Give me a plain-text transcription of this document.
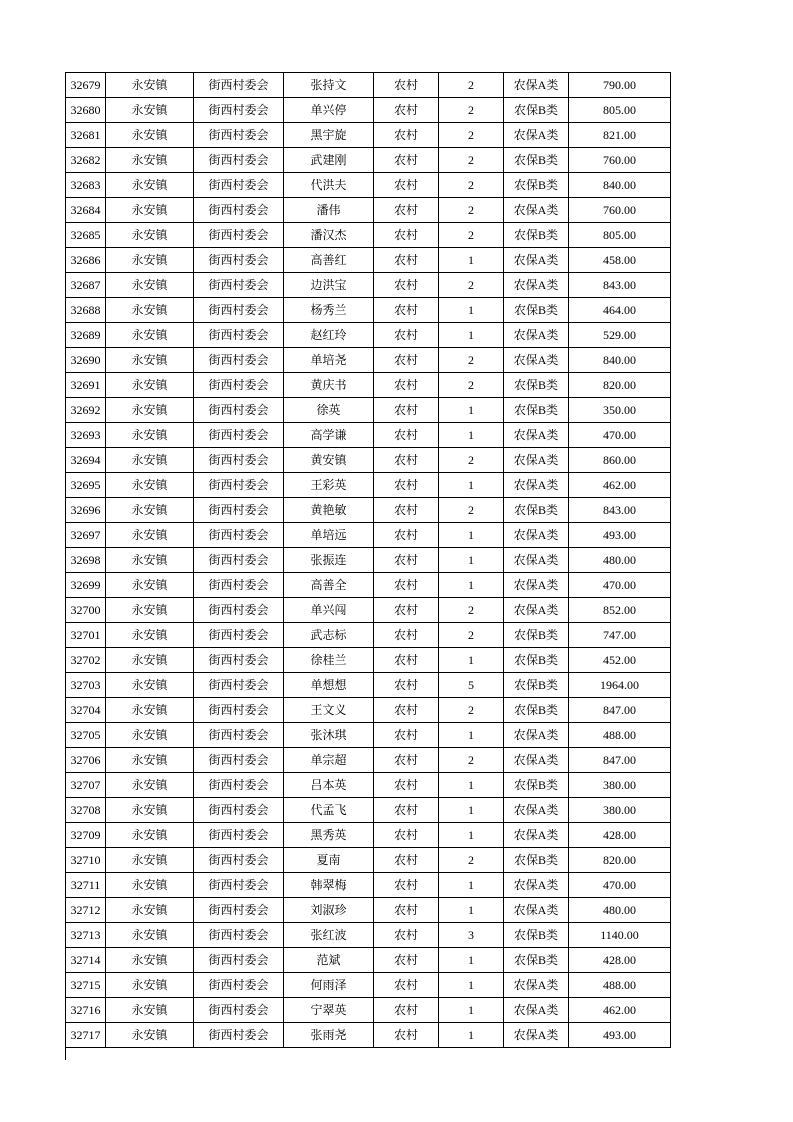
32679	永安镇	街西村委会	张持文	农村	2	农保A类	790.00
32680	永安镇	街西村委会	单兴停	农村	2	农保B类	805.00
32681	永安镇	街西村委会	黑宇旋	农村	2	农保A类	821.00
32682	永安镇	街西村委会	武建刚	农村	2	农保B类	760.00
32683	永安镇	街西村委会	代洪夫	农村	2	农保B类	840.00
32684	永安镇	街西村委会	潘伟	农村	2	农保A类	760.00
32685	永安镇	街西村委会	潘汉杰	农村	2	农保B类	805.00
32686	永安镇	街西村委会	高善红	农村	1	农保A类	458.00
32687	永安镇	街西村委会	边洪宝	农村	2	农保A类	843.00
32688	永安镇	街西村委会	杨秀兰	农村	1	农保B类	464.00
32689	永安镇	街西村委会	赵红玲	农村	1	农保A类	529.00
32690	永安镇	街西村委会	单培尧	农村	2	农保A类	840.00
32691	永安镇	街西村委会	黄庆书	农村	2	农保B类	820.00
32692	永安镇	街西村委会	徐英	农村	1	农保B类	350.00
32693	永安镇	街西村委会	高学谦	农村	1	农保A类	470.00
32694	永安镇	街西村委会	黄安镇	农村	2	农保A类	860.00
32695	永安镇	街西村委会	王彩英	农村	1	农保A类	462.00
32696	永安镇	街西村委会	黄艳敏	农村	2	农保B类	843.00
32697	永安镇	街西村委会	单培远	农村	1	农保A类	493.00
32698	永安镇	街西村委会	张振连	农村	1	农保A类	480.00
32699	永安镇	街西村委会	高善全	农村	1	农保A类	470.00
32700	永安镇	街西村委会	单兴闯	农村	2	农保A类	852.00
32701	永安镇	街西村委会	武志标	农村	2	农保B类	747.00
32702	永安镇	街西村委会	徐桂兰	农村	1	农保B类	452.00
32703	永安镇	街西村委会	单想想	农村	5	农保B类	1964.00
32704	永安镇	街西村委会	王文义	农村	2	农保B类	847.00
32705	永安镇	街西村委会	张沐琪	农村	1	农保A类	488.00
32706	永安镇	街西村委会	单宗超	农村	2	农保A类	847.00
32707	永安镇	街西村委会	吕本英	农村	1	农保B类	380.00
32708	永安镇	街西村委会	代孟飞	农村	1	农保A类	380.00
32709	永安镇	街西村委会	黑秀英	农村	1	农保A类	428.00
32710	永安镇	街西村委会	夏南	农村	2	农保B类	820.00
32711	永安镇	街西村委会	韩翠梅	农村	1	农保A类	470.00
32712	永安镇	街西村委会	刘淑珍	农村	1	农保A类	480.00
32713	永安镇	街西村委会	张红波	农村	3	农保B类	1140.00
32714	永安镇	街西村委会	范斌	农村	1	农保B类	428.00
32715	永安镇	街西村委会	何雨泽	农村	1	农保A类	488.00
32716	永安镇	街西村委会	宁翠英	农村	1	农保A类	462.00
32717	永安镇	街西村委会	张雨尧	农村	1	农保A类	493.00
